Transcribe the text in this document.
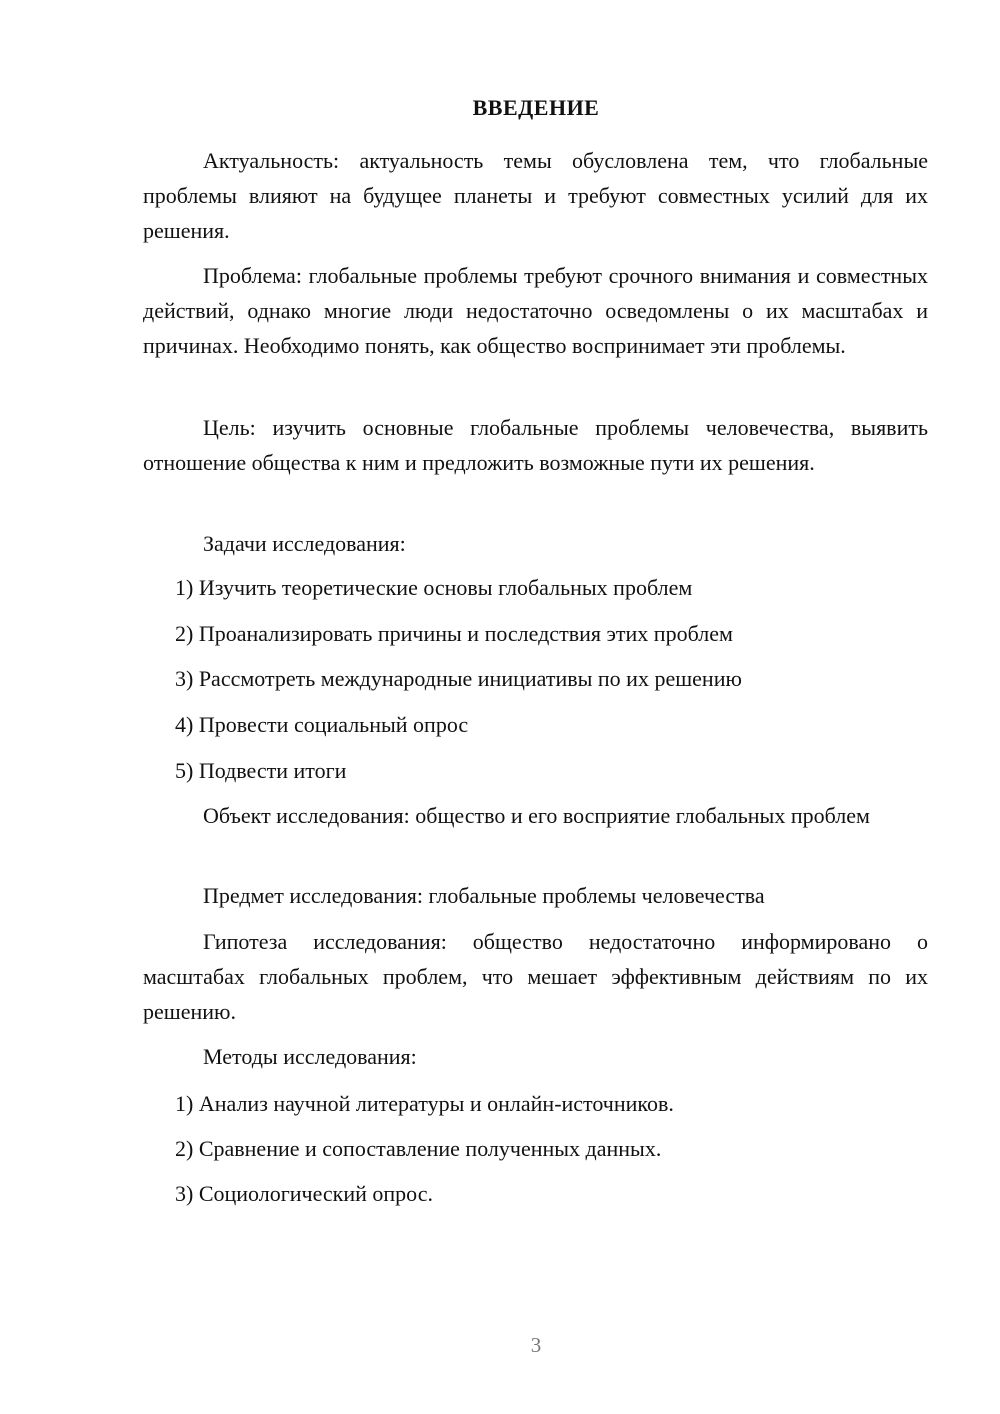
ВВЕДЕНИЕ

Актуальность: актуальность темы обусловлена тем, что глобальные проблемы влияют на будущее планеты и требуют совместных усилий для их решения.

Проблема: глобальные проблемы требуют срочного внимания и совместных действий, однако многие люди недостаточно осведомлены о их масштабах и причинах. Необходимо понять, как общество воспринимает эти проблемы.

Цель: изучить основные глобальные проблемы человечества, выявить отношение общества к ним и предложить возможные пути их решения.

Задачи исследования:

1) Изучить теоретические основы глобальных проблем

2) Проанализировать причины и последствия этих проблем

3) Рассмотреть международные инициативы по их решению

4) Провести социальный опрос

5) Подвести итоги

Объект исследования: общество и его восприятие глобальных проблем

Предмет исследования: глобальные проблемы человечества

Гипотеза исследования: общество недостаточно информировано о масштабах глобальных проблем, что мешает эффективным действиям по их решению.

Методы исследования:

1) Анализ научной литературы и онлайн-источников.

2) Сравнение и сопоставление полученных данных.

3) Социологический опрос.

3
